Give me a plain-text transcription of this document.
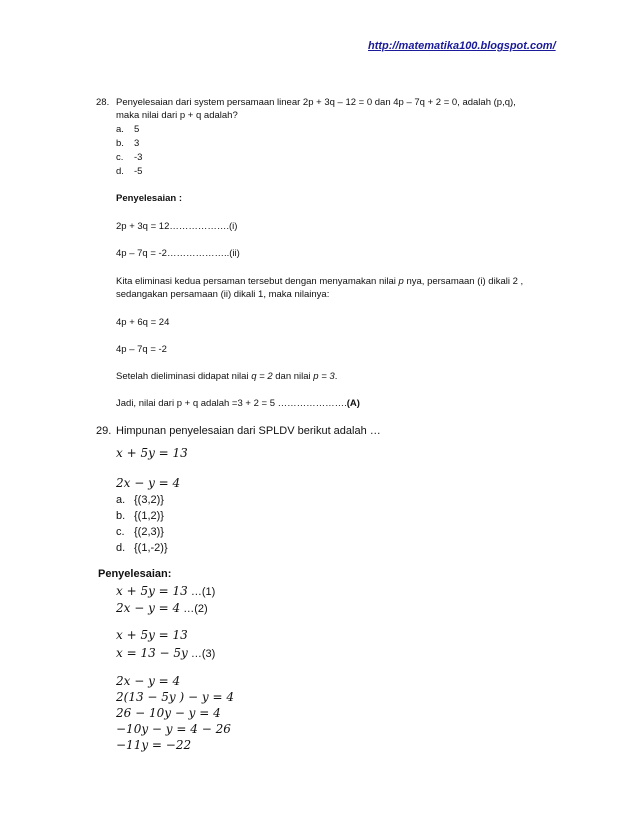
http://matematika100.blogspot.com/
28. Penyelesaian dari system persamaan linear 2p + 3q – 12 = 0 dan 4p – 7q + 2 = 0, adalah (p,q),
maka nilai dari p + q adalah?
a. 5
b. 3
c. -3
d. -5
Penyelesaian :
2p + 3q = 12……………….(i)
4p – 7q = -2………………..(ii)
Kita eliminasi kedua persaman tersebut dengan menyamakan nilai p nya, persamaan (i) dikali 2 ,
sedangakan persamaan (ii) dikali 1, maka nilainya:
4p + 6q = 24
4p – 7q = -2
Setelah dieliminasi didapat nilai q = 2 dan nilai p = 3.
Jadi, nilai dari p + q adalah =3 + 2 = 5 ………………….(A)
29. Himpunan penyelesaian dari SPLDV berikut adalah …
x + 5y = 13
2x − y = 4
a. {(3,2)}
b. {(1,2)}
c. {(2,3)}
d. {(1,-2)}
Penyelesaian:
x + 5y = 13 …(1)
2x − y = 4 …(2)
x + 5y = 13
x = 13 − 5y …(3)
2x − y = 4
2(13 − 5y ) − y = 4
26 − 10y − y = 4
−10y − y = 4 − 26
−11y = −22
